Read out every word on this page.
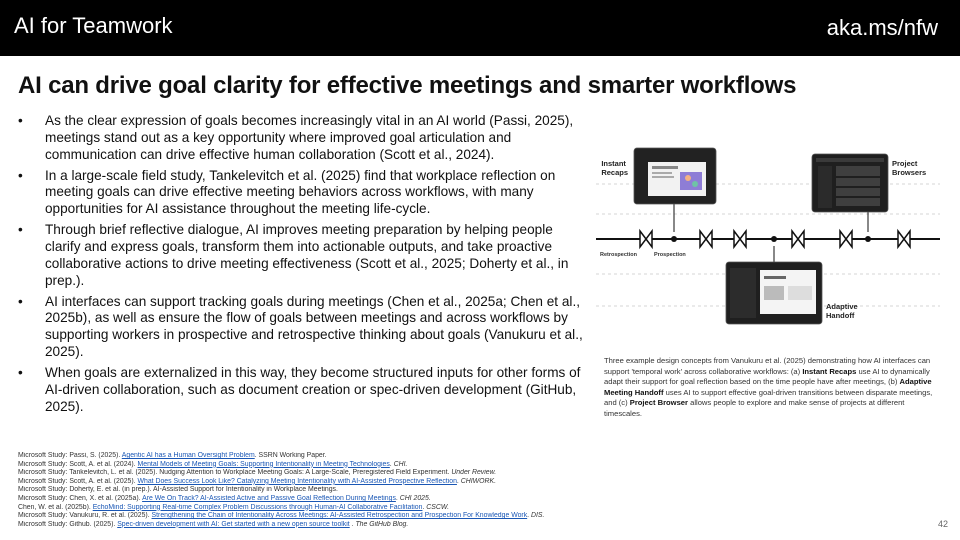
AI for Teamwork	aka.ms/nfw
AI can drive goal clarity for effective meetings and smarter workflows
• As the clear expression of goals becomes increasingly vital in an AI world (Passi, 2025), meetings stand out as a key opportunity where improved goal articulation and communication can drive effective human collaboration (Scott et al., 2024).
• In a large-scale field study, Tankelevitch et al. (2025) find that workplace reflection on meeting goals can drive effective meeting behaviors across workflows, with many opportunities for AI assistance throughout the meeting life-cycle.
• Through brief reflective dialogue, AI improves meeting preparation by helping people clarify and express goals, transform them into actionable outputs, and take proactive collaborative actions to drive meeting effectiveness (Scott et al., 2025; Doherty et al., in prep.).
• AI interfaces can support tracking goals during meetings (Chen et al., 2025a; Chen et al., 2025b), as well as ensure the flow of goals between meetings and across workflows by supporting workers in prospective and retrospective thinking about goals (Vanukuru et al., 2025).
• When goals are externalized in this way, they become structured inputs for other forms of AI-driven collaboration, such as document creation or spec-driven development (GitHub, 2025).
Instant Recaps
Project Browsers
Adaptive Handoff
Retrospection	Prospection
Three example design concepts from Vanukuru et al. (2025) demonstrating how AI interfaces can support 'temporal work' across collaborative workflows: (a) Instant Recaps use AI to dynamically adapt their support for goal reflection based on the time people have after meetings, (b) Adaptive Meeting Handoff uses AI to support effective goal-driven transitions between disparate meetings, and (c) Project Browser allows people to explore and make sense of projects at different timescales.
Microsoft Study: Passi, S. (2025). Agentic AI has a Human Oversight Problem. SSRN Working Paper.
Microsoft Study: Scott, A. et al. (2024). Mental Models of Meeting Goals: Supporting Intentionality in Meeting Technologies. CHI.
Microsoft Study: Tankelevitch, L. et al. (2025). Nudging Attention to Workplace Meeting Goals: A Large-Scale, Preregistered Field Experiment. Under Review.
Microsoft Study: Scott, A. et al. (2025). What Does Success Look Like? Catalyzing Meeting Intentionality with AI-Assisted Prospective Reflection. CHIWORK.
Microsoft Study: Doherty, E. et al. (in prep.). AI-Assisted Support for Intentionality in Workplace Meetings.
Microsoft Study: Chen, X. et al. (2025a). Are We On Track? AI-Assisted Active and Passive Goal Reflection During Meetings. CHI 2025.
Chen, W. et al. (2025b). EchoMind: Supporting Real-time Complex Problem Discussions through Human-AI Collaborative Facilitation. CSCW.
Microsoft Study: Vanukuru, R. et al. (2025). Strengthening the Chain of Intentionality Across Meetings: AI-Assisted Retrospection and Prospection For Knowledge Work. DIS.
Microsoft Study: Github. (2025). Spec-driven development with AI: Get started with a new open source toolkit . The GitHub Blog.	42
